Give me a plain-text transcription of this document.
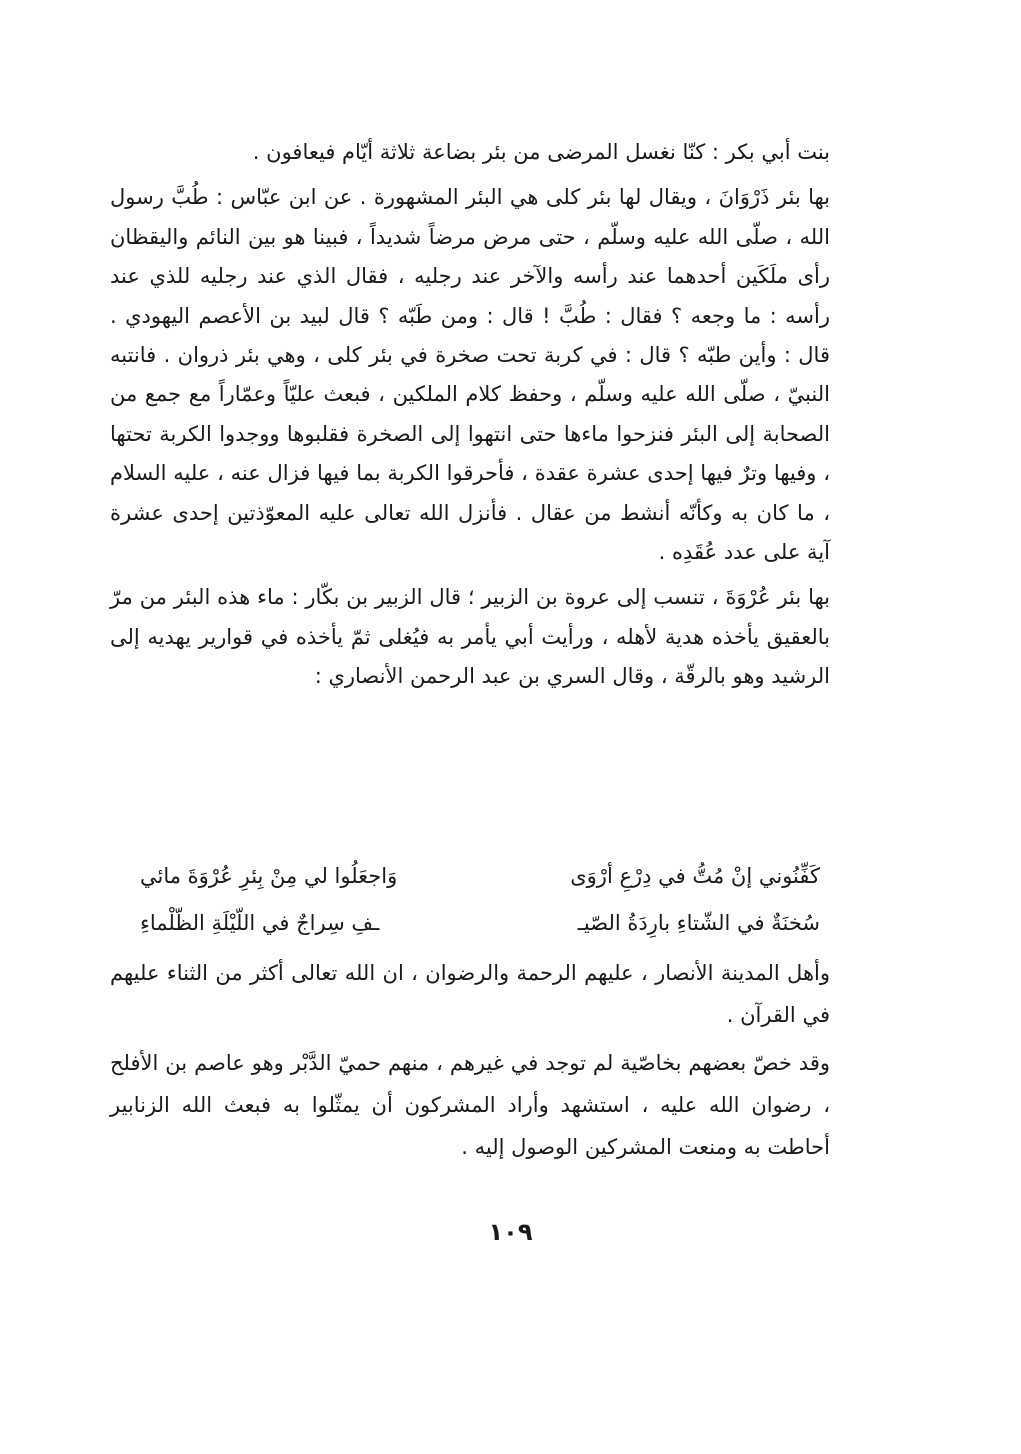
بنت أبي بكر : كنّا نغسل المرضى من بئر بضاعة ثلاثة أيّام فيعافون .

بها بئر ذَرْوَانَ ، ويقال لها بئر كلى هي البئر المشهورة . عن ابن عبّاس : طُبَّ رسول الله ، صلّى الله عليه وسلّم ، حتى مرض مرضاً شديداً ، فبينا هو بين النائم واليقظان رأى ملَكَين أحدهما عند رأسه والآخر عند رجليه ، فقال الذي عند رجليه للذي عند رأسه : ما وجعه ؟ فقال : طُبَّ ! قال : ومن طَبّه ؟ قال لبيد بن الأعصم اليهودي . قال : وأين طبّه ؟ قال : في كربة تحت صخرة في بئر كلى ، وهي بئر ذروان . فانتبه النبيّ ، صلّى الله عليه وسلّم ، وحفظ كلام الملكين ، فبعث عليّاً وعمّاراً مع جمع من الصحابة إلى البئر فنزحوا ماءها حتى انتهوا إلى الصخرة فقلبوها ووجدوا الكربة تحتها ، وفيها وترٌ فيها إحدى عشرة عقدة ، فأحرقوا الكربة بما فيها فزال عنه ، عليه السلام ، ما كان به وكأنّه أنشط من عقال . فأنزل الله تعالى عليه المعوّذتين إحدى عشرة آية على عدد عُقَدِه .

بها بئر عُرْوَةَ ، تنسب إلى عروة بن الزبير ؛ قال الزبير بن بكّار : ماء هذه البئر من مرّ بالعقيق يأخذه هدية لأهله ، ورأيت أبي يأمر به فيُغلى ثمّ يأخذه في قوارير يهديه إلى الرشيد وهو بالرقّة ، وقال السري بن عبد الرحمن الأنصاري :

كَفِّنُوني إنْ مُتُّ في دِرْعِ أرْوَى
وَاجعَلُوا لي مِنْ بِئرِ عُرْوَةَ مائي
سُخنَةٌ في الشّتاءِ بارِدَةُ الصّيـ
ـفِ سِراجٌ في اللّيْلَةِ الظّلْماءِ

وأهل المدينة الأنصار ، عليهم الرحمة والرضوان ، ان الله تعالى أكثر من الثناء عليهم في القرآن .

وقد خصّ بعضهم بخاصّية لم توجد في غيرهم ، منهم حميّ الدَّبْر وهو عاصم بن الأفلح ، رضوان الله عليه ، استشهد وأراد المشركون أن يمثّلوا به فبعث الله الزنابير أحاطت به ومنعت المشركين الوصول إليه .

١٠٩
